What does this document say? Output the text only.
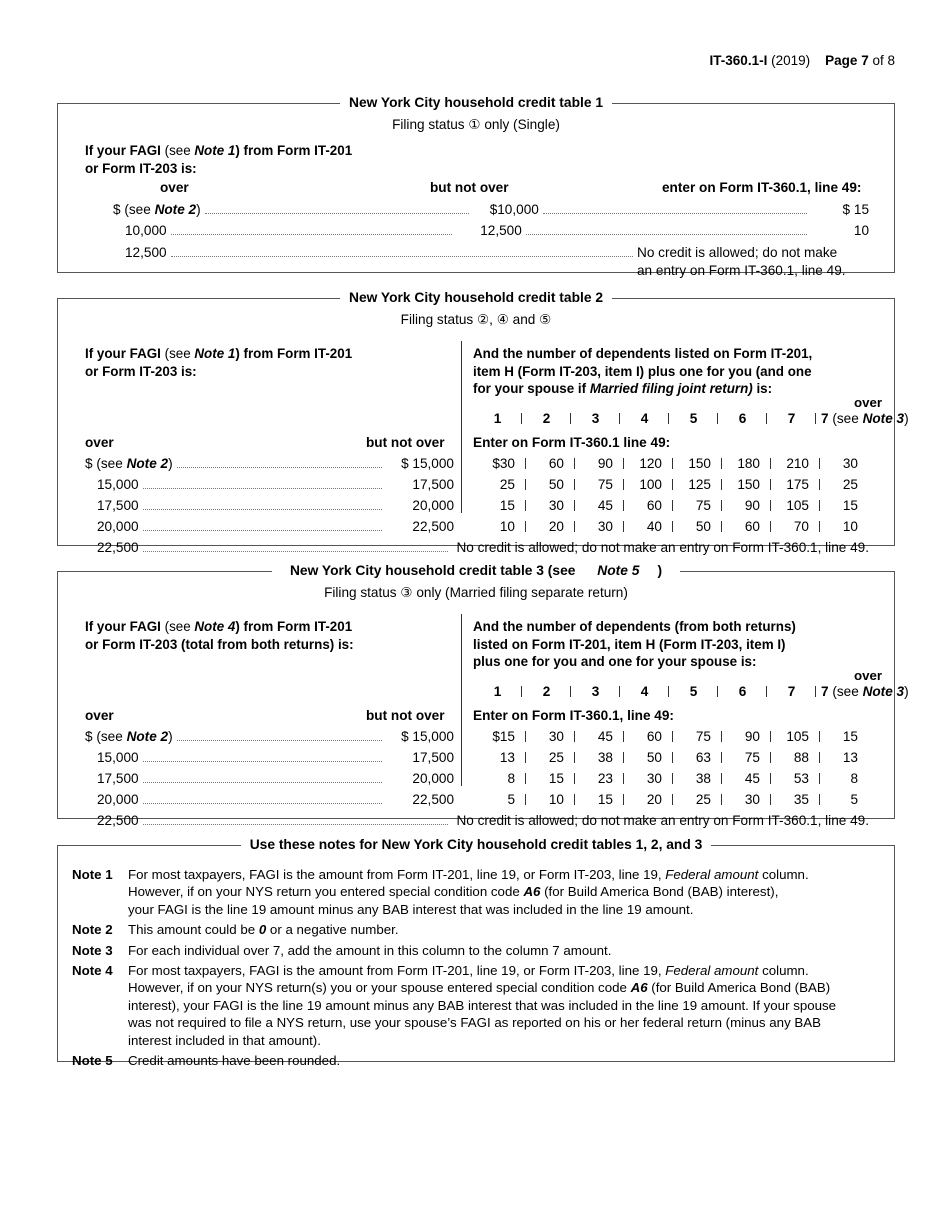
IT-360.1-I (2019) Page 7 of 8
New York City household credit table 1
Filing status ① only (Single)
If your FAGI (see Note 1) from Form IT-201
or Form IT-203 is:
over	but not over	enter on Form IT-360.1, line 49:
$ (see Note 2)	$10,000	$ 15
10,000	12,500	10
12,500	No credit is allowed; do not make
an entry on Form IT-360.1, line 49.
New York City household credit table 2
Filing status ②, ④ and ⑤
If your FAGI (see Note 1) from Form IT-201
or Form IT-203 is:
And the number of dependents listed on Form IT-201,
item H (Form IT-203, item I) plus one for you (and one
for your spouse if Married filing joint return) is:
over
1	2	3	4	5	6	7	7 (see Note 3)
over	but not over Enter on Form IT-360.1 line 49:
$ (see Note 2)	$ 15,000	$30	60	90	120	150	180	210	30
15,000	17,500	25	50	75	100	125	150	175	25
17,500	20,000	15	30	45	60	75	90	105	15
20,000	22,500	10	20	30	40	50	60	70	10
22,500	No credit is allowed; do not make an entry on Form IT-360.1, line 49.
New York City household credit table 3 (see Note 5 )
Filing status ③ only (Married filing separate return)
If your FAGI (see Note 4) from Form IT-201
or Form IT-203 (total from both returns) is:
And the number of dependents (from both returns)
listed on Form IT-201, item H (Form IT-203, item I)
plus one for you and one for your spouse is:
over
1	2	3	4	5	6	7	7 (see Note 3)
over	but not over Enter on Form IT-360.1, line 49:
$ (see Note 2)	$ 15,000	$15	30	45	60	75	90	105	15
15,000	17,500	13	25	38	50	63	75	88	13
17,500	20,000	8	15	23	30	38	45	53	8
20,000	22,500	5	10	15	20	25	30	35	5
22,500	No credit is allowed; do not make an entry on Form IT-360.1, line 49.
Use these notes for New York City household credit tables 1, 2, and 3
Note 1	For most taxpayers, FAGI is the amount from Form IT-201, line 19, or Form IT-203, line 19, Federal amount column.
However, if on your NYS return you entered special condition code A6 (for Build America Bond (BAB) interest),
your FAGI is the line 19 amount minus any BAB interest that was included in the line 19 amount.
Note 2	This amount could be 0 or a negative number.
Note 3	For each individual over 7, add the amount in this column to the column 7 amount.
Note 4	For most taxpayers, FAGI is the amount from Form IT-201, line 19, or Form IT-203, line 19, Federal amount column.
However, if on your NYS return(s) you or your spouse entered special condition code A6 (for Build America Bond (BAB)
interest), your FAGI is the line 19 amount minus any BAB interest that was included in the line 19 amount. If your spouse
was not required to file a NYS return, use your spouse’s FAGI as reported on his or her federal return (minus any BAB
interest included in that amount).
Note 5	Credit amounts have been rounded.
